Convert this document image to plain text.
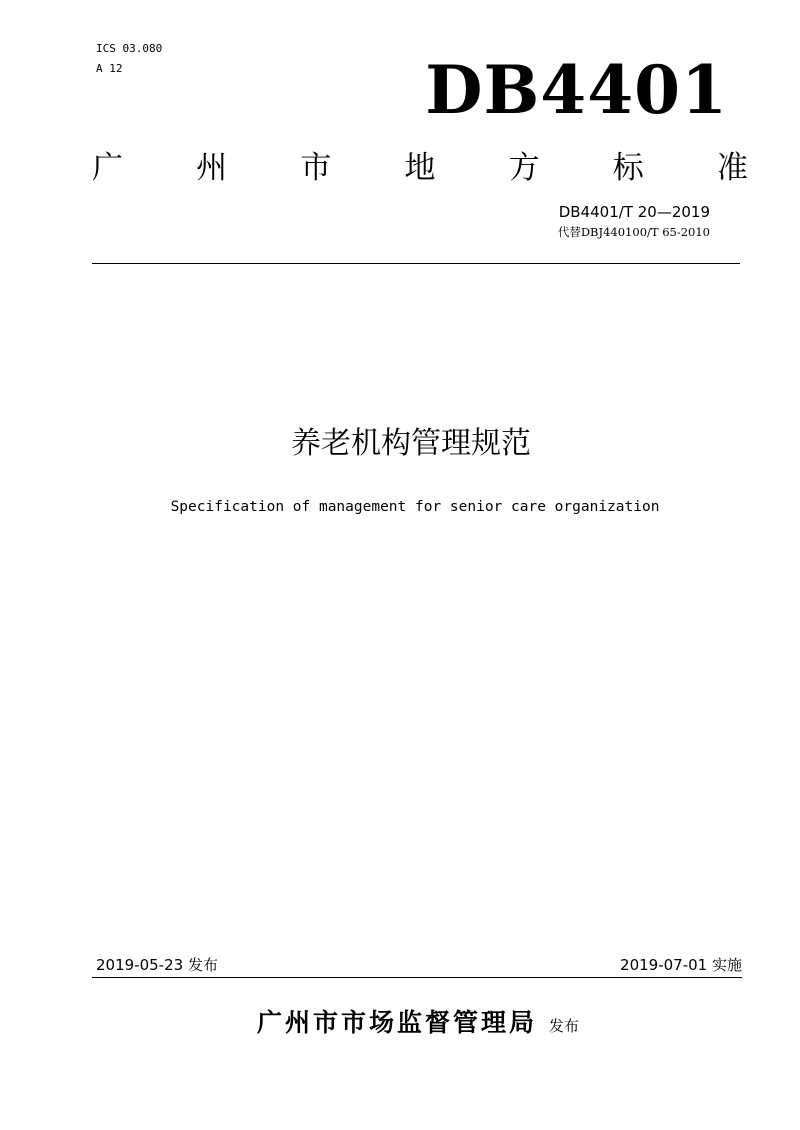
ICS 03.080
A 12	DB4401
广 州 市 地 方 标 准
DB4401/T 20—2019
代替DBJ440100/T 65-2010
养老机构管理规范
Specification of management for senior care organization
2019-05-23 发布	2019-07-01 实施
广州市市场监督管理局 发布
